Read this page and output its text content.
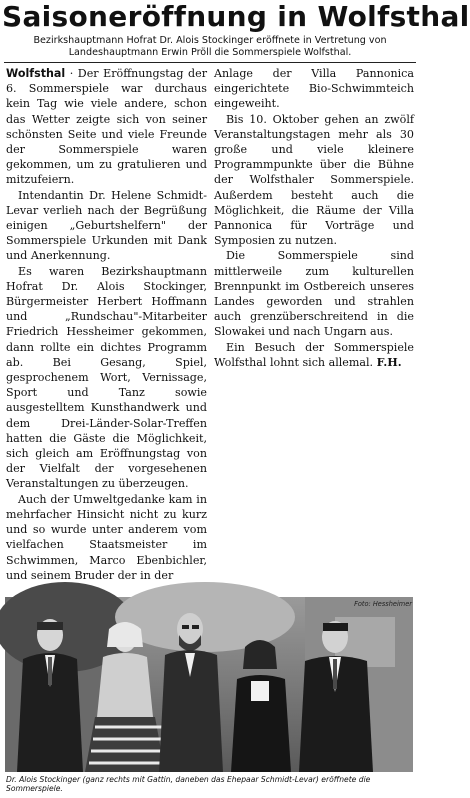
Saisoneröffnung in Wolfsthal
Bezirkshauptmann Hofrat Dr. Alois Stockinger eröffnete in Vertretung von Landeshauptmann Erwin Pröll die Sommerspiele Wolfsthal.

Wolfsthal · Der Eröffnungstag der 6. Sommerspiele war durchaus kein Tag wie viele andere, schon das Wetter zeigte sich von seiner schönsten Seite und viele Freunde der Sommerspiele waren gekommen, um zu gratulieren und mitzufeiern.

Intendantin Dr. Helene Schmidt-Levar verlieh nach der Begrüßung einigen „Geburtshelfern" der Sommerspiele Urkunden mit Dank und Anerkennung.

Es waren Bezirkshauptmann Hofrat Dr. Alois Stockinger, Bürgermeister Herbert Hoffmann und „Rundschau"-Mitarbeiter Friedrich Hessheimer gekommen, dann rollte ein dichtes Programm ab. Bei Gesang, Spiel, gesprochenem Wort, Vernissage, Sport und Tanz sowie ausgestelltem Kunsthandwerk und dem Drei-Länder-Solar-Treffen hatten die Gäste die Möglichkeit, sich gleich am Eröffnungstag von der Vielfalt der vorgesehenen Veranstaltungen zu überzeugen.

Auch der Umweltgedanke kam in mehrfacher Hinsicht nicht zu kurz und so wurde unter anderem vom vielfachen Staatsmeister im Schwimmen, Marco Ebenbichler, und seinem Bruder der in der

Anlage der Villa Pannonica eingerichtete Bio-Schwimmteich eingeweiht.

Bis 10. Oktober gehen an zwölf Veranstaltungstagen mehr als 30 große und viele kleinere Programmpunkte über die Bühne der Wolfsthaler Sommerspiele. Außerdem besteht auch die Möglichkeit, die Räume der Villa Pannonica für Vorträge und Symposien zu nutzen.

Die Sommerspiele sind mittlerweile zum kulturellen Brennpunkt im Ostbereich unseres Landes geworden und strahlen auch grenzüberschreitend in die Slowakei und nach Ungarn aus.

Ein Besuch der Sommerspiele Wolfsthal lohnt sich allemal. F.H.

Foto: Hessheimer
Dr. Alois Stockinger (ganz rechts mit Gattin, daneben das Ehepaar Schmidt-Levar) eröffnete die Sommerspiele.
